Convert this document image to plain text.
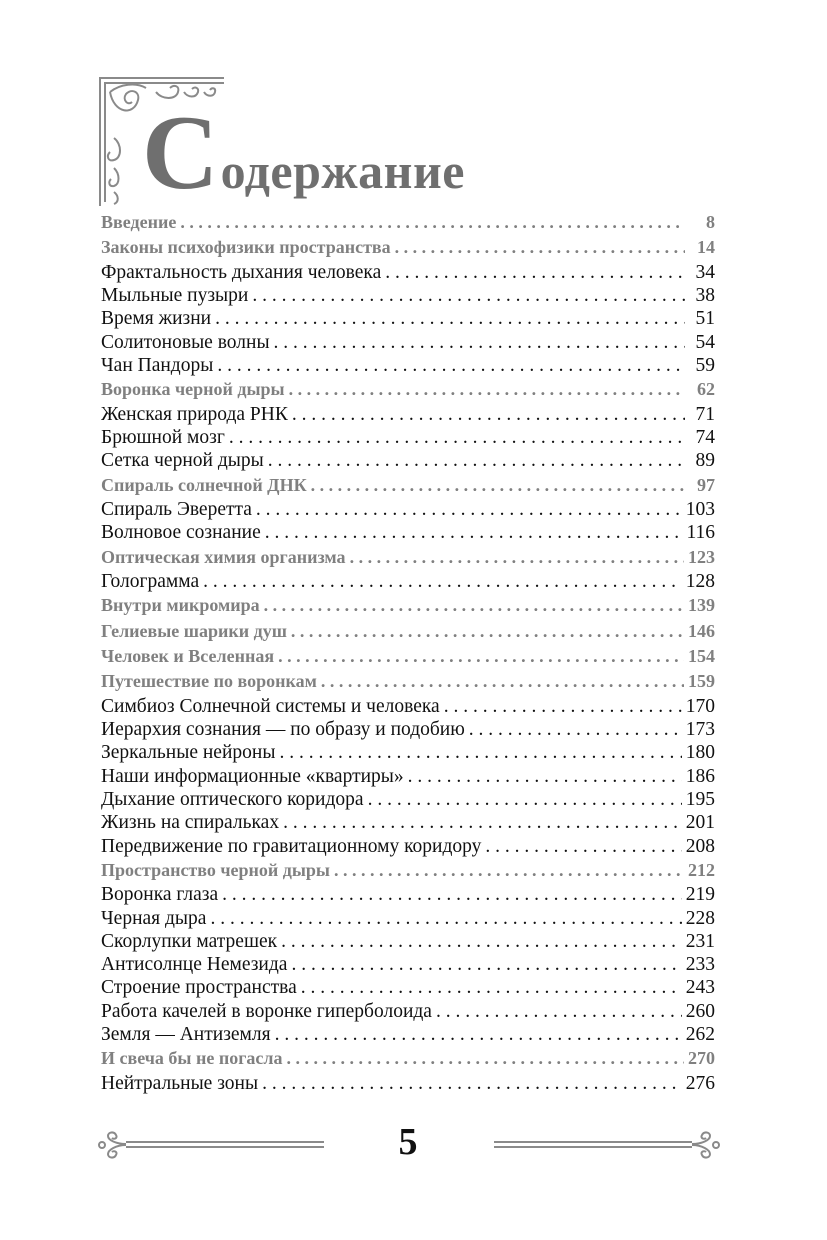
Содержание
Введение . . .	8
Законы психофизики пространства . . .	14
Фрактальность дыхания человека . . .	34
Мыльные пузыри . . .	38
Время жизни . . .	51
Солитоновые волны . . .	54
Чан Пандоры . . .	59
Воронка черной дыры . . .	62
Женская природа РНК . . .	71
Брюшной мозг . . .	74
Сетка черной дыры . . .	89
Спираль солнечной ДНК . . .	97
Спираль Эверетта . . .	103
Волновое сознание . . .	116
Оптическая химия организма . . .	123
Голограмма . . .	128
Внутри микромира . . .	139
Гелиевые шарики душ . . .	146
Человек и Вселенная . . .	154
Путешествие по воронкам . . .	159
Симбиоз Солнечной системы и человека . . .	170
Иерархия сознания — по образу и подобию . . .	173
Зеркальные нейроны . . .	180
Наши информационные «квартиры» . . .	186
Дыхание оптического коридора . . .	195
Жизнь на спиральках . . .	201
Передвижение по гравитационному коридору . . .	208
Пространство черной дыры . . .	212
Воронка глаза . . .	219
Черная дыра . . .	228
Скорлупки матрешек . . .	231
Антисолнце Немезида . . .	233
Строение пространства . . .	243
Работа качелей в воронке гиперболоида . . .	260
Земля — Антиземля . . .	262
И свеча бы не погасла . . .	270
Нейтральные зоны . . .	276
5
